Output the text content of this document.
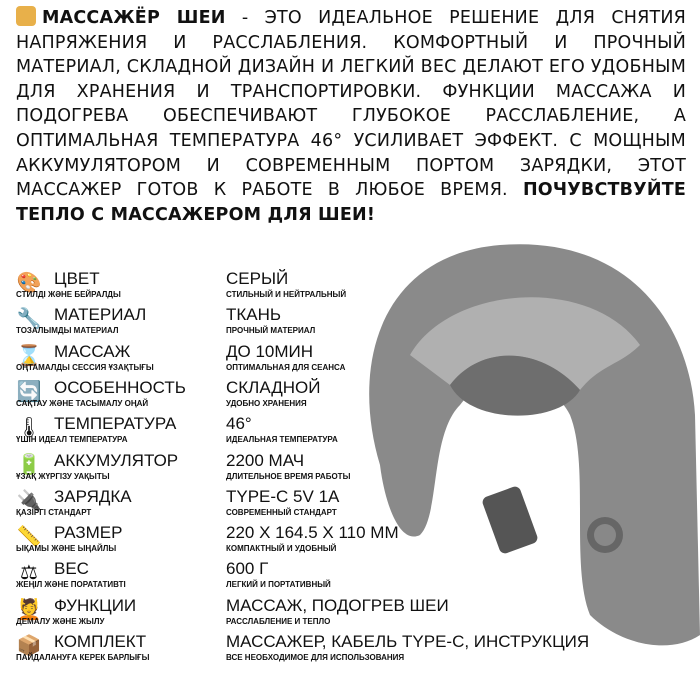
МАССАЖЁР ШЕИ - ЭТО ИДЕАЛЬНОЕ РЕШЕНИЕ ДЛЯ СНЯТИЯ НАПРЯЖЕНИЯ И РАССЛАБЛЕНИЯ. КОМФОРТНЫЙ И ПРОЧНЫЙ МАТЕРИАЛ, СКЛАДНОЙ ДИЗАЙН И ЛЕГКИЙ ВЕС ДЕЛАЮТ ЕГО УДОБНЫМ ДЛЯ ХРАНЕНИЯ И ТРАНСПОРТИРОВКИ. ФУНКЦИИ МАССАЖА И ПОДОГРЕВА ОБЕСПЕЧИВАЮТ ГЛУБОКОЕ РАССЛАБЛЕНИЕ, А ОПТИМАЛЬНАЯ ТЕМПЕРАТУРА 46° УСИЛИВАЕТ ЭФФЕКТ. С МОЩНЫМ АККУМУЛЯТОРОМ И СОВРЕМЕННЫМ ПОРТОМ ЗАРЯДКИ, ЭТОТ МАССАЖЕР ГОТОВ К РАБОТЕ В ЛЮБОЕ ВРЕМЯ. ПОЧУВСТВУЙТЕ ТЕПЛО С МАССАЖЕРОМ ДЛЯ ШЕИ!
🎨 ЦВЕТ
СТИЛДІ ЖӘНЕ БЕЙРАЛДЫ
СЕРЫЙ
СТИЛЬНЫЙ И НЕЙТРАЛЬНЫЙ
🔧 МАТЕРИАЛ
ТОЗАЛЫМДЫ МАТЕРИАЛ
ТКАНЬ
ПРОЧНЫЙ МАТЕРИАЛ
⌛ МАССАЖ
ОҢТАМАЛДЫ СЕССИЯ ҰЗАҚТЫҒЫ
ДО 10МИН
ОПТИМАЛЬНАЯ ДЛЯ СЕАНСА
🔄 ОСОБЕННОСТЬ
САҚТАУ ЖӘНЕ ТАСЫМАЛУ ОҢАЙ
СКЛАДНОЙ
УДОБНО ХРАНЕНИЯ
🌡 ТЕМПЕРАТУРА
ҮШІН ИДЕАЛ ТЕМПЕРАТУРА
46°
ИДЕАЛЬНАЯ ТЕМПЕРАТУРА
🔋 АККУМУЛЯТОР
ҰЗАҚ ЖҮРГІЗУ УАҚЫТЫ
2200 МАЧ
ДЛИТЕЛЬНОЕ ВРЕМЯ РАБОТЫ
🔌 ЗАРЯДКА
ҚАЗІРГІ СТАНДАРТ
TYPE-C 5V 1A
СОВРЕМЕННЫЙ СТАНДАРТ
📏 РАЗМЕР
ЫҚАМЫ ЖӘНЕ ЫҢАЙЛЫ
220 X 164.5 X 110 ММ
КОМПАКТНЫЙ И УДОБНЫЙ
⚖ ВЕС
ЖЕҢІЛ ЖӘНЕ ПОРАТАТИВТІ
600 Г
ЛЕГКИЙ И ПОРТАТИВНЫЙ
💆 ФУНКЦИИ
ДЕМАЛУ ЖӘНЕ ЖЫЛУ
МАССАЖ, ПОДОГРЕВ ШЕИ
РАССЛАБЛЕНИЕ И ТЕПЛО
📦 КОМПЛЕКТ
ПАЙДАЛАНУҒА КЕРЕК БАРЛЫҒЫ
МАССАЖЕР, КАБЕЛЬ TYPE-C, ИНСТРУКЦИЯ
ВСЕ НЕОБХОДИМОЕ ДЛЯ ИСПОЛЬЗОВАНИЯ
